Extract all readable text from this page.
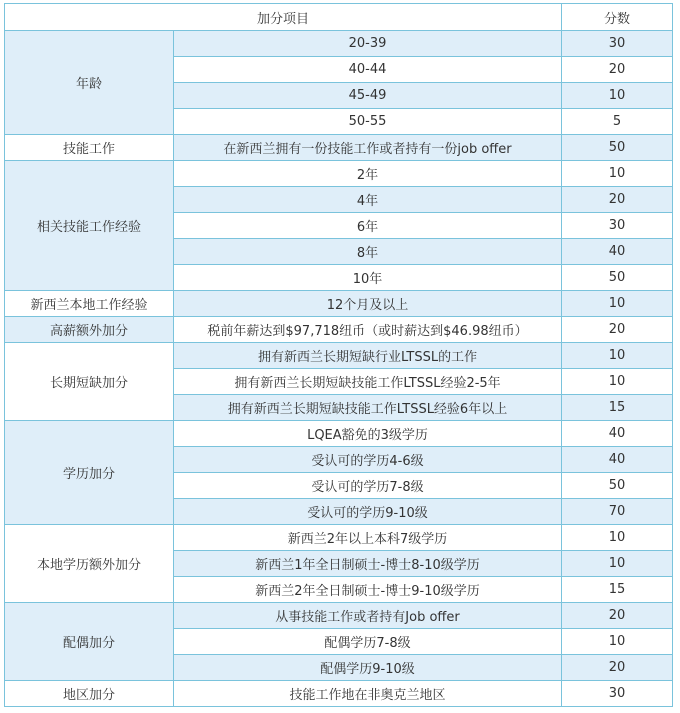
加分项目		分数
年龄	20-39	30
	40-44	20
	45-49	10
	50-55	5
技能工作	在新西兰拥有一份技能工作或者持有一份job offer	50
相关技能工作经验	2年	10
	4年	20
	6年	30
	8年	40
	10年	50
新西兰本地工作经验	12个月及以上	10
高薪额外加分	税前年薪达到$97,718纽币（或时薪达到$46.98纽币）	20
长期短缺加分	拥有新西兰长期短缺行业LTSSL的工作	10
	拥有新西兰长期短缺技能工作LTSSL经验2-5年	10
	拥有新西兰长期短缺技能工作LTSSL经验6年以上	15
学历加分	LQEA豁免的3级学历	40
	受认可的学历4-6级	40
	受认可的学历7-8级	50
	受认可的学历9-10级	70
本地学历额外加分	新西兰2年以上本科7级学历	10
	新西兰1年全日制硕士-博士8-10级学历	10
	新西兰2年全日制硕士-博士9-10级学历	15
配偶加分	从事技能工作或者持有Job offer	20
	配偶学历7-8级	10
	配偶学历9-10级	20
地区加分	技能工作地在非奥克兰地区	30
